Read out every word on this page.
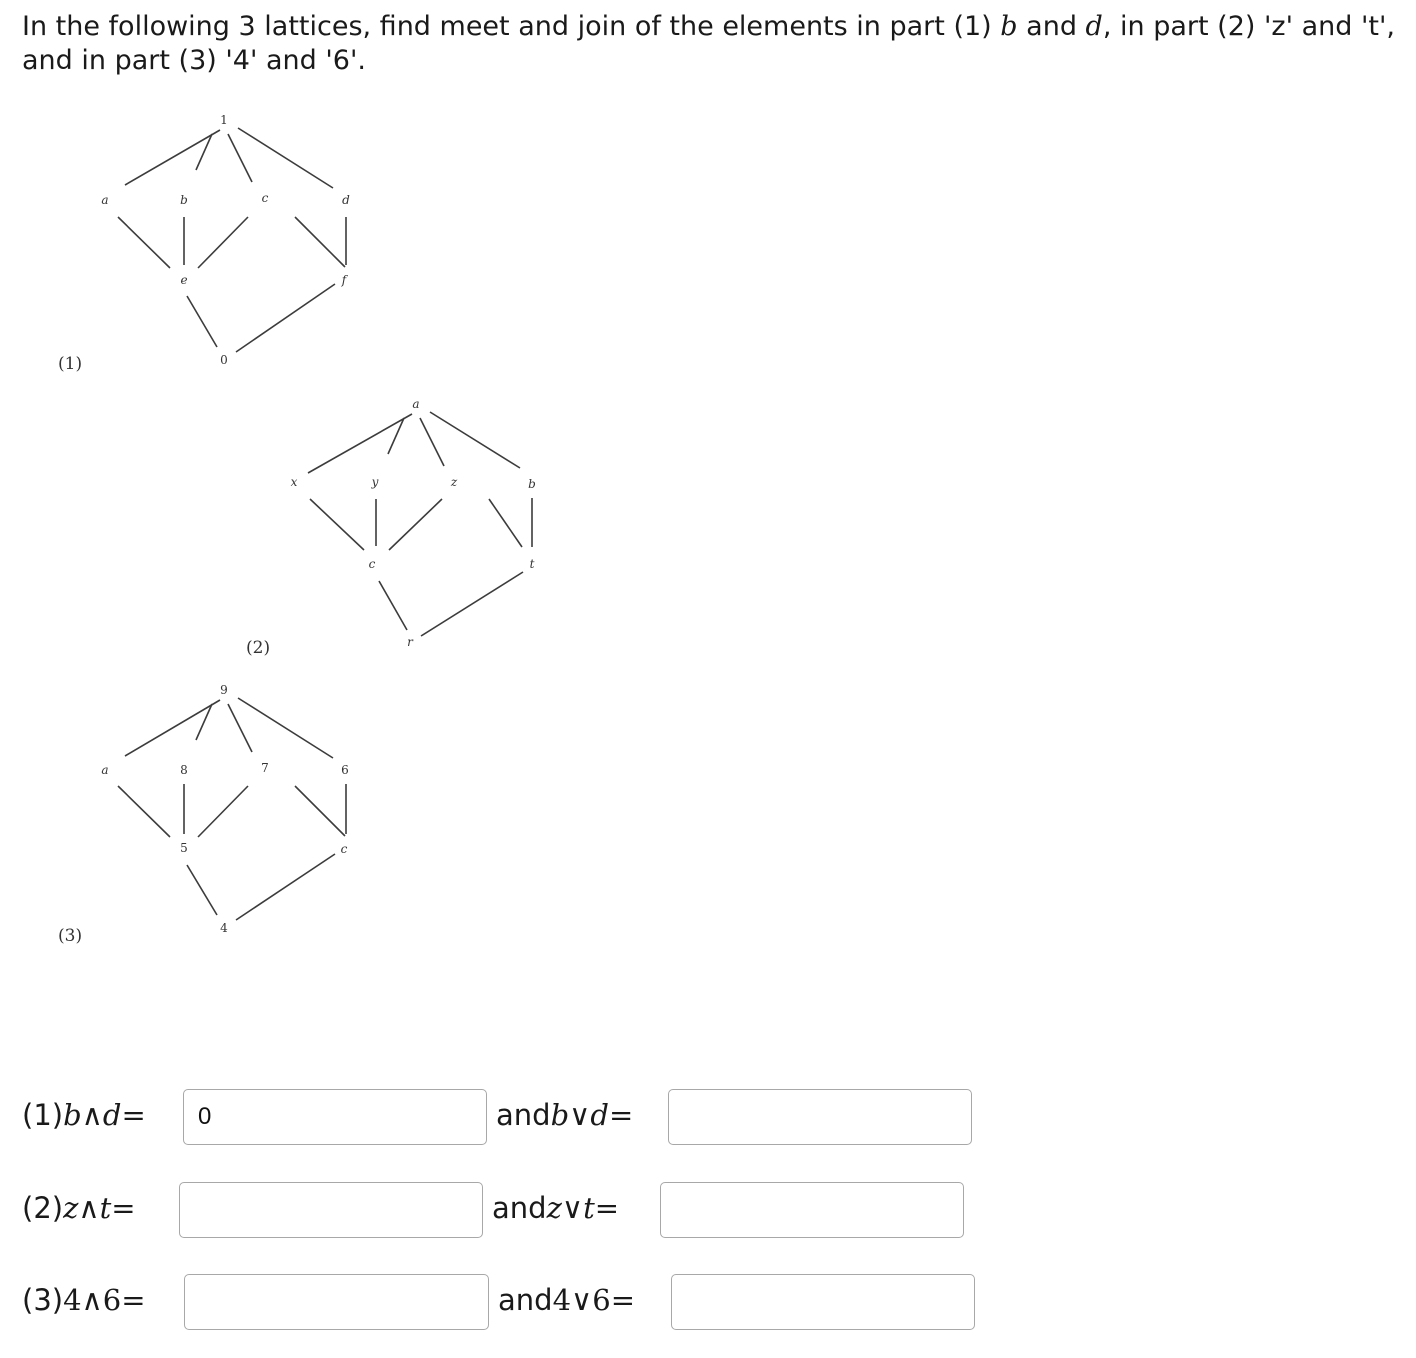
In the following 3 lattices, find meet and join of the elements in part (1) b and d, in part (2) 'z' and 't', and in part (3) '4' and '6'.
1
a	b	c	d
e	f
0
(1)
a
x	y	z	b
c	t
r
(2)
9
a	8	7	6
5	c
4
(3)
(1) b ∧ d =
0	and b ∨ d =
(2) z ∧ t =	and z ∨ t =
(3) 4 ∧ 6 =	and 4 ∨ 6 =
